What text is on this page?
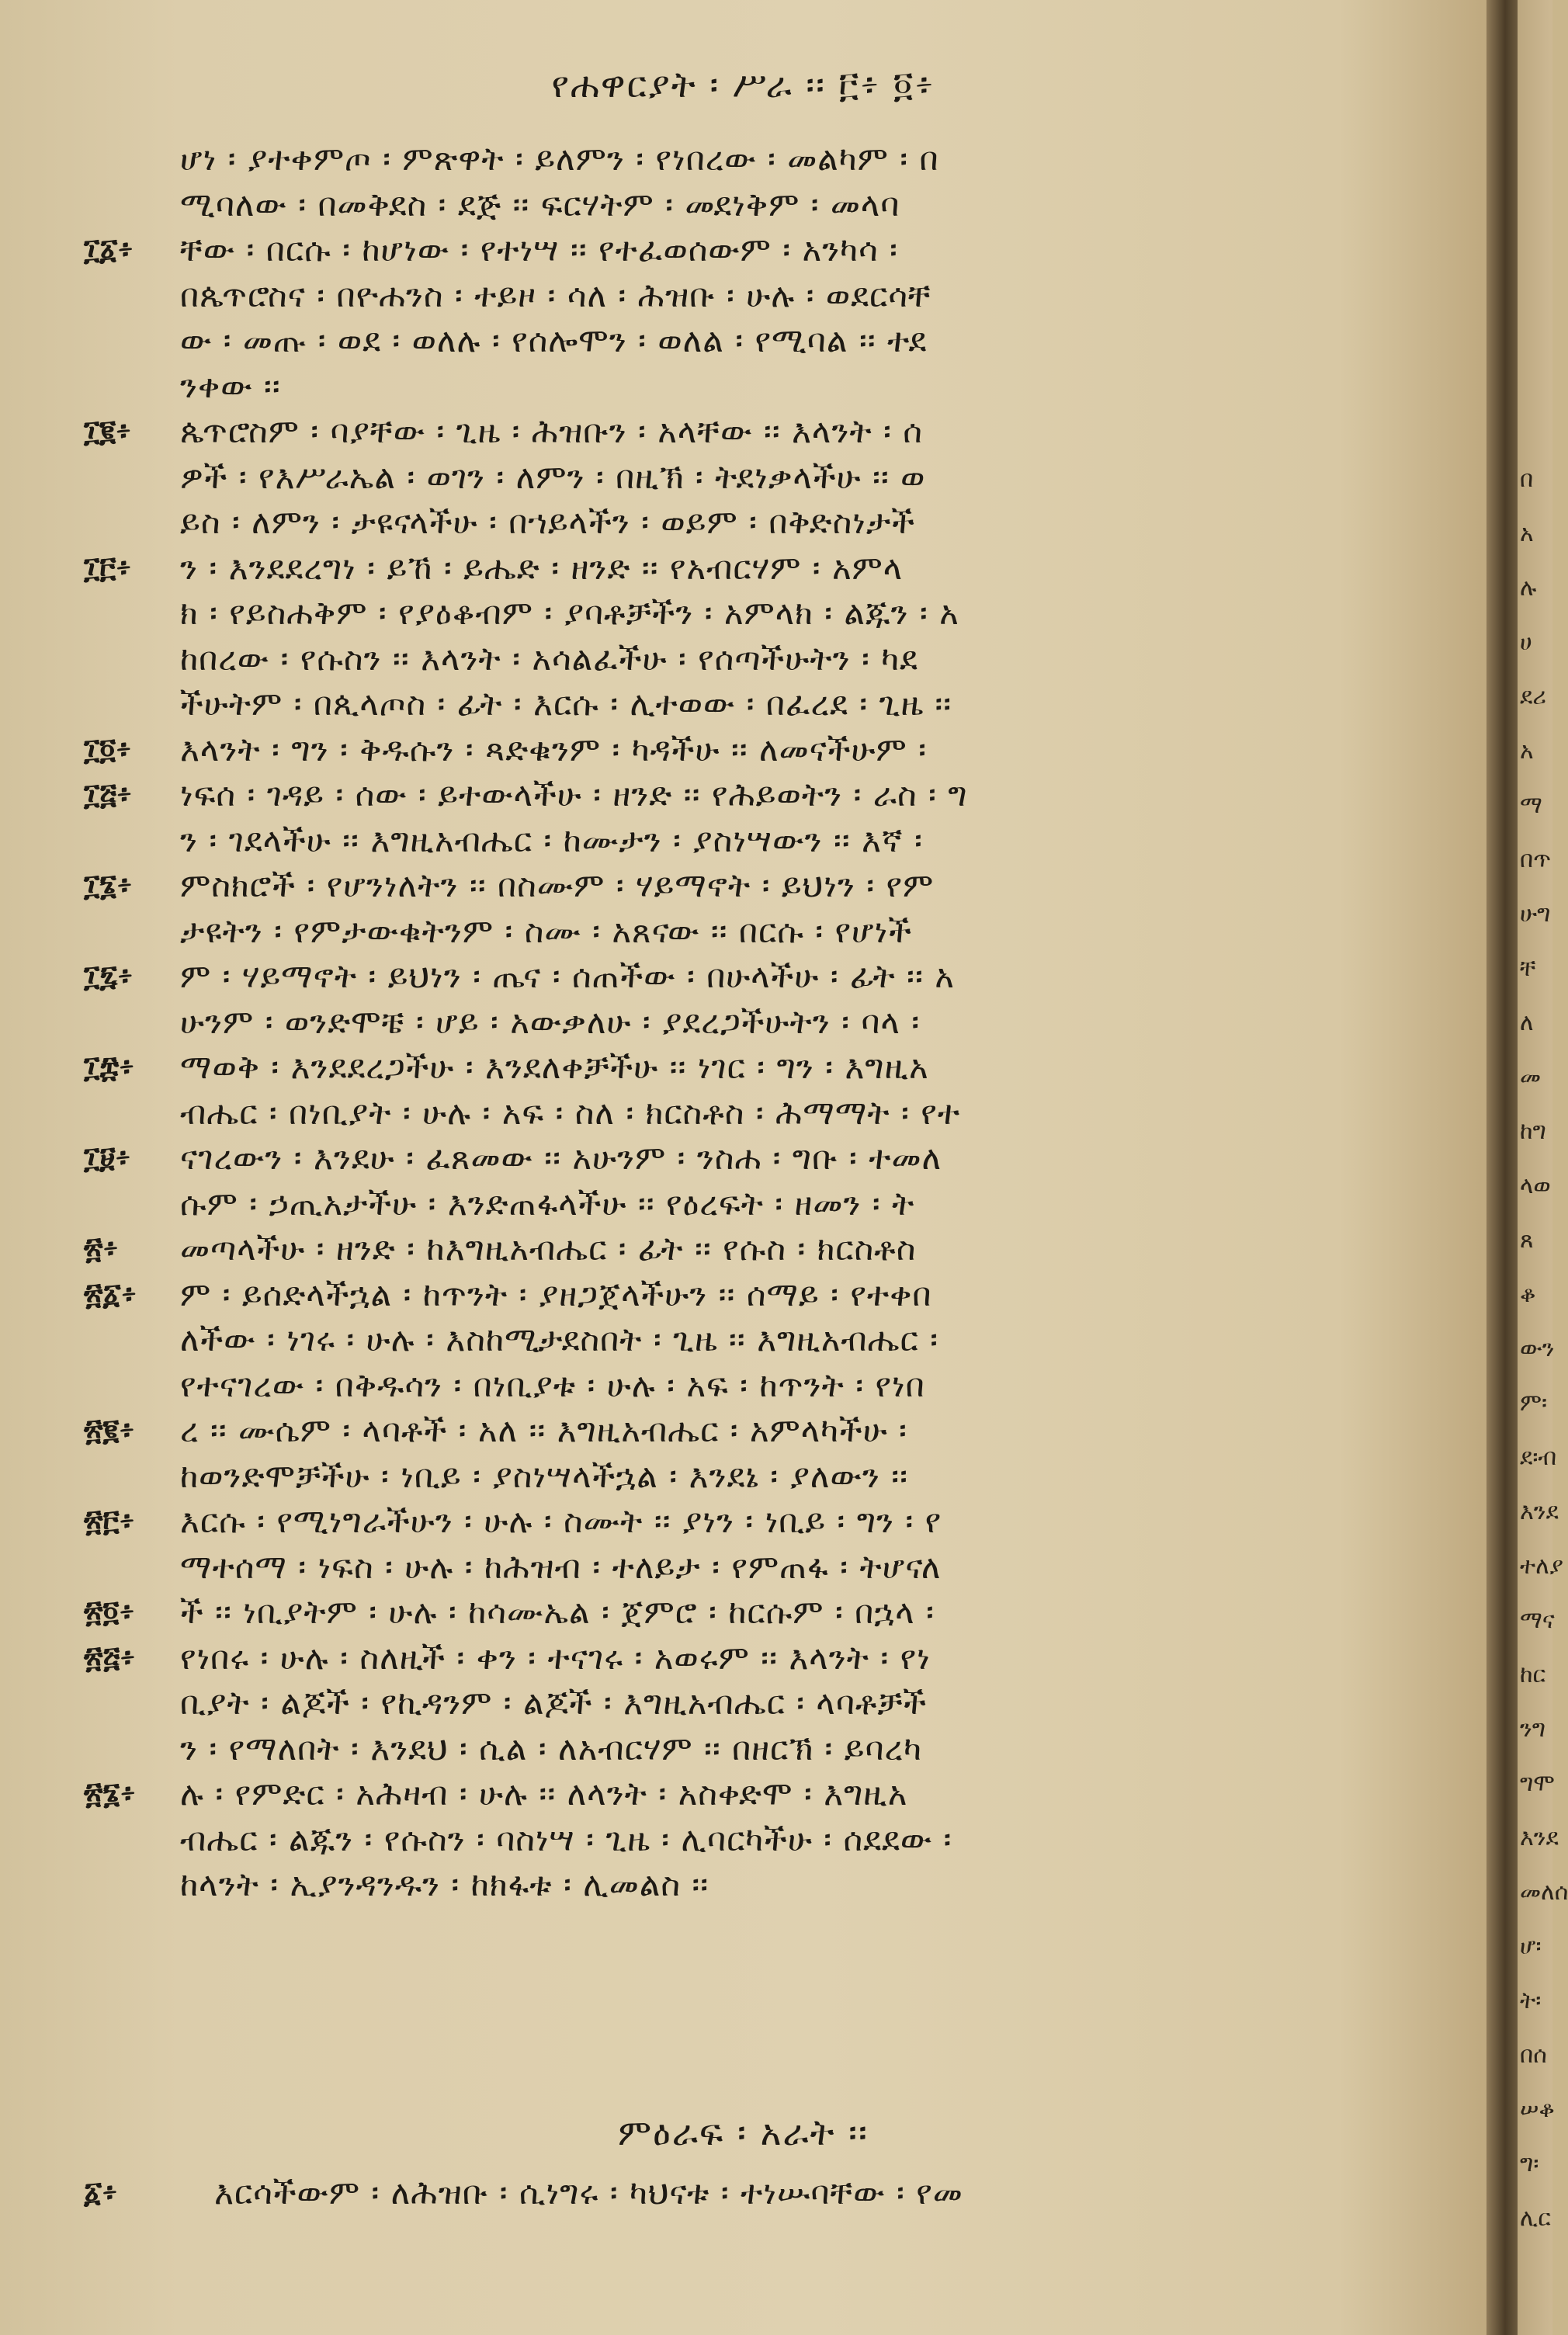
የሐዋርያት ፡ ሥራ ፡፡ ፫፥ ፬፥
ሆነ ፡ ያተቀምጦ ፡ ምጽዋት ፡ ይለምን ፡ የነበረው ፡ መልካም ፡ በ
ሚባለው ፡ በመቅደስ ፡ ደጅ ፡፡ ፍርሃትም ፡ መደነቅም ፡ መላባ
፲፩፥	ቸው ፡ በርሱ ፡ ከሆነው ፡ የተነሣ ፡፡ የተፈወሰውም ፡ አንካሳ ፡
በጴጥሮስና ፡ በዮሐንስ ፡ ተይዞ ፡ ሳለ ፡ ሕዝቡ ፡ ሁሉ ፡ ወደርሳቸ
ው ፡ መጡ ፡ ወደ ፡ ወለሉ ፡ የሰሎሞን ፡ ወለል ፡ የሚባል ፡፡ ተደ
ንቀው ፡፡
፲፪፥	ጴጥሮስም ፡ ባያቸው ፡ ጊዜ ፡ ሕዝቡን ፡ አላቸው ፡፡ እላንት ፡ ሰ
ዎች ፡ የእሥራኤል ፡ ወገን ፡ ለምን ፡ በዚኽ ፡ ትደነቃላችሁ ፡፡ ወ
ይስ ፡ ለምን ፡ ታዩናላችሁ ፡ በኀይላችን ፡ ወይም ፡ በቅድስነታች
፲፫፥	ን ፡ እንደደረግነ ፡ ይኸ ፡ ይሔድ ፡ ዘንድ ፡፡ የአብርሃም ፡ አምላ
ክ ፡ የይስሐቅም ፡ የያዕቆብም ፡ ያባቶቻችን ፡ አምላክ ፡ ልጁን ፡ አ
ከበረው ፡ የሱስን ፡፡ እላንት ፡ አሳልፈችሁ ፡ የሰጣችሁትን ፡ ካደ
ችሁትም ፡ በጲላጦስ ፡ ፊት ፡ እርሱ ፡ ሊተወው ፡ በፈረደ ፡ ጊዜ ፡፡
፲፬፥	እላንት ፡ ግን ፡ ቅዱሱን ፡ ጻድቁንም ፡ ካዳችሁ ፡፡ ለመናችሁም ፡
፲፭፥	ነፍሰ ፡ ገዳይ ፡ ሰው ፡ ይተውላችሁ ፡ ዘንድ ፡፡ የሕይወትን ፡ ራስ ፡ ግ
ን ፡ ገደላችሁ ፡፡ እግዚአብሔር ፡ ከሙታን ፡ ያስነሣውን ፡፡ እኛ ፡
፲፮፥	ምስክሮች ፡ የሆንነለትን ፡፡ በስሙም ፡ ሃይማኖት ፡ ይህነን ፡ የም
ታዩትን ፡ የምታውቁትንም ፡ ስሙ ፡ አጸናው ፡፡ በርሱ ፡ የሆነች
፲፯፥	ም ፡ ሃይማኖት ፡ ይህነን ፡ ጤና ፡ ሰጠችው ፡ በሁላችሁ ፡ ፊት ፡፡ አ
ሁንም ፡ ወንድሞቼ ፡ ሆይ ፡ አውቃለሁ ፡ ያደረጋችሁትን ፡ ባላ ፡
፲፰፥	ማወቅ ፡ እንደደረጋችሁ ፡ እንደለቀቻችሁ ፡፡ ነገር ፡ ግን ፡ እግዚአ
ብሔር ፡ በነቢያት ፡ ሁሉ ፡ አፍ ፡ ስለ ፡ ክርስቶስ ፡ ሕማማት ፡ የተ
፲፱፥	ናገረውን ፡ እንደሁ ፡ ፈጸመው ፡፡ አሁንም ፡ ንስሐ ፡ ግቡ ፡ ተመለ
ሱም ፡ ኃጢአታችሁ ፡ እንድጠፋላችሁ ፡፡ የዕረፍት ፡ ዘመን ፡ ት
፳፥	መጣላችሁ ፡ ዘንድ ፡ ከእግዚአብሔር ፡ ፊት ፡፡ የሱስ ፡ ክርስቶስ
፳፩፥ ም ፡ ይሰድላችኋል ፡ ከጥንት ፡ ያዘጋጀላችሁን ፡፡ ሰማይ ፡ የተቀበ
ለችው ፡ ነገሩ ፡ ሁሉ ፡ እስከሚታደስበት ፡ ጊዜ ፡፡ እግዚአብሔር ፡
የተናገረው ፡ በቅዱሳን ፡ በነቢያቱ ፡ ሁሉ ፡ አፍ ፡ ከጥንት ፡ የነበ
፳፪፥	ረ ፡፡ ሙሴም ፡ ላባቶች ፡ አለ ፡፡ እግዚአብሔር ፡ አምላካችሁ ፡
ከወንድሞቻችሁ ፡ ነቢይ ፡ ያስነሣላችኋል ፡ እንደኔ ፡ ያለውን ፡፡
፳፫፥	እርሱ ፡ የሚነግራችሁን ፡ ሁሉ ፡ ስሙት ፡፡ ያነን ፡ ነቢይ ፡ ግን ፡ የ
ማተሰማ ፡ ነፍስ ፡ ሁሉ ፡ ከሕዝብ ፡ ተለይታ ፡ የምጠፋ ፡ ትሆናለ
፳፬፥	ች ፡፡ ነቢያትም ፡ ሁሉ ፡ ከሳሙኤል ፡ ጀምሮ ፡ ከርሱም ፡ በኋላ ፡
፳፭፥	የነበሩ ፡ ሁሉ ፡ ስለዚች ፡ ቀን ፡ ተናገሩ ፡ አወሩም ፡፡ እላንት ፡ የነ
ቢያት ፡ ልጆች ፡ የኪዳንም ፡ ልጆች ፡ እግዚአብሔር ፡ ላባቶቻች
ን ፡ የማለበት ፡ እንደህ ፡ ሲል ፡ ለአብርሃም ፡፡ በዘርኽ ፡ ይባረካ
፳፮፥	ሉ ፡ የምድር ፡ አሕዛብ ፡ ሁሉ ፡፡ ለላንት ፡ አስቀድሞ ፡ እግዚአ
ብሔር ፡ ልጁን ፡ የሱስን ፡ ባስነሣ ፡ ጊዜ ፡ ሊባርካችሁ ፡ ሰደደው ፡
ከላንት ፡ ኢያንዳንዱን ፡ ከክፋቱ ፡ ሊመልስ ፡፡
ምዕራፍ ፡ አራት ፡፡
፩፥	እርሳችውም ፡ ለሕዝቡ ፡ ሲነግሩ ፡ ካህናቱ ፡ ተነሡባቸው ፡ የመ
በ
አ
ሉ
ሀ
ደሪ
አ
ማ
በጥ
ሁግ
ቸ
ለ
መ
ከግ
ላወ
ጸ
ቆ
ውን
ም፡
ደ፡ብ
እንደ
ተለያ
ማና
ከር
ንግ
ግሞ
እንደ
መለሰ
ሆ፡
ት፡
በሰ
ሠቆ
ግ፡
ሊር
